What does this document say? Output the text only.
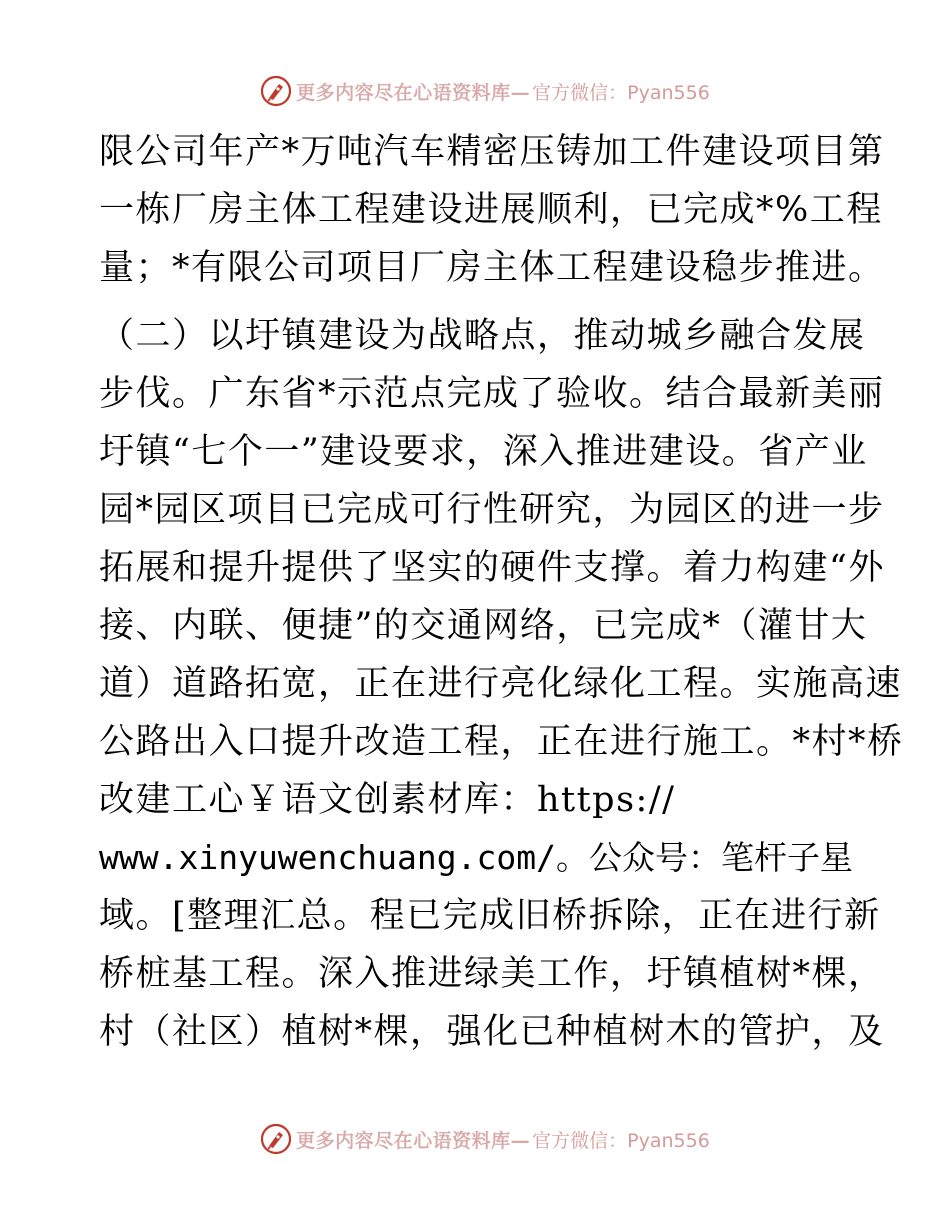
更多内容尽在心语资料库— 官方微信：Pyan556
限公司年产*万吨汽车精密压铸加工件建设项目第
一栋厂房主体工程建设进展顺利，已完成*%工程
量；*有限公司项目厂房主体工程建设稳步推进。
（二）以圩镇建设为战略点，推动城乡融合发展
步伐。广东省*示范点完成了验收。结合最新美丽
圩镇“七个一”建设要求，深入推进建设。省产业
园*园区项目已完成可行性研究，为园区的进一步
拓展和提升提供了坚实的硬件支撑。着力构建“外
接、内联、便捷”的交通网络，已完成*（灌甘大
道）道路拓宽，正在进行亮化绿化工程。实施高速
公路出入口提升改造工程，正在进行施工。*村*桥
改建工心￥语文创素材库：https://
www.xinyuwenchuang.com/。公众号：笔杆子星
域。[整理汇总。程已完成旧桥拆除，正在进行新
桥桩基工程。深入推进绿美工作，圩镇植树*棵，
村（社区）植树*棵，强化已种植树木的管护，及
更多内容尽在心语资料库— 官方微信：Pyan556
